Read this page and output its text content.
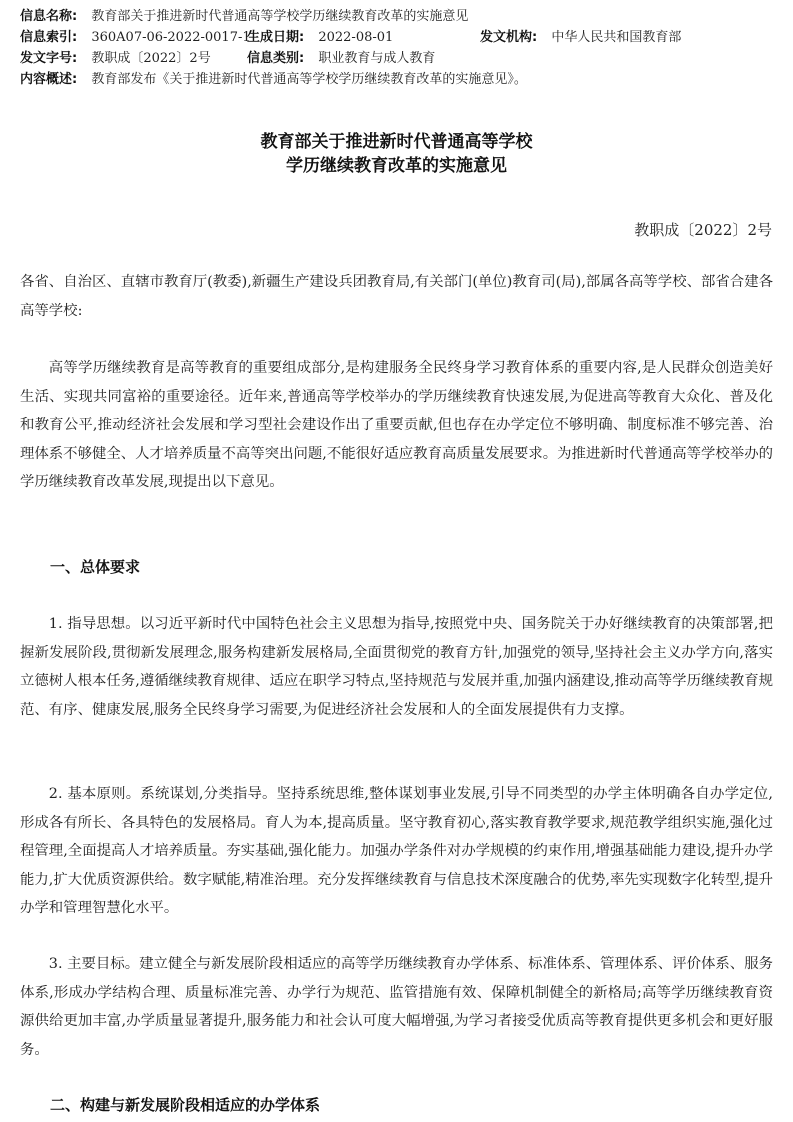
信息名称: 教育部关于推进新时代普通高等学校学历继续教育改革的实施意见
信息索引: 360A07-06-2022-0017-1
生成日期: 2022-08-01	发文机构: 中华人民共和国教育部
发文字号: 教职成〔2022〕2号	信息类别: 职业教育与成人教育
内容概述: 教育部发布《关于推进新时代普通高等学校学历继续教育改革的实施意见》。
教育部关于推进新时代普通高等学校
学历继续教育改革的实施意见
教职成〔2022〕2号

各省、自治区、直辖市教育厅(教委),新疆生产建设兵团教育局,有关部门(单位)教育司(局),部属各高等学校、部省合建各高等学校:

高等学历继续教育是高等教育的重要组成部分,是构建服务全民终身学习教育体系的重要内容,是人民群众创造美好生活、实现共同富裕的重要途径。近年来,普通高等学校举办的学历继续教育快速发展,为促进高等教育大众化、普及化和教育公平,推动经济社会发展和学习型社会建设作出了重要贡献,但也存在办学定位不够明确、制度标准不够完善、治理体系不够健全、人才培养质量不高等突出问题,不能很好适应教育高质量发展要求。为推进新时代普通高等学校举办的学历继续教育改革发展,现提出以下意见。

一、总体要求

1. 指导思想。以习近平新时代中国特色社会主义思想为指导,按照党中央、国务院关于办好继续教育的决策部署,把握新发展阶段,贯彻新发展理念,服务构建新发展格局,全面贯彻党的教育方针,加强党的领导,坚持社会主义办学方向,落实立德树人根本任务,遵循继续教育规律、适应在职学习特点,坚持规范与发展并重,加强内涵建设,推动高等学历继续教育规范、有序、健康发展,服务全民终身学习需要,为促进经济社会发展和人的全面发展提供有力支撑。

2. 基本原则。系统谋划,分类指导。坚持系统思维,整体谋划事业发展,引导不同类型的办学主体明确各自办学定位,形成各有所长、各具特色的发展格局。育人为本,提高质量。坚守教育初心,落实教育教学要求,规范教学组织实施,强化过程管理,全面提高人才培养质量。夯实基础,强化能力。加强办学条件对办学规模的约束作用,增强基础能力建设,提升办学能力,扩大优质资源供给。数字赋能,精准治理。充分发挥继续教育与信息技术深度融合的优势,率先实现数字化转型,提升办学和管理智慧化水平。

3. 主要目标。建立健全与新发展阶段相适应的高等学历继续教育办学体系、标准体系、管理体系、评价体系、服务体系,形成办学结构合理、质量标准完善、办学行为规范、监管措施有效、保障机制健全的新格局;高等学历继续教育资源供给更加丰富,办学质量显著提升,服务能力和社会认可度大幅增强,为学习者接受优质高等教育提供更多机会和更好服务。

二、构建与新发展阶段相适应的办学体系
